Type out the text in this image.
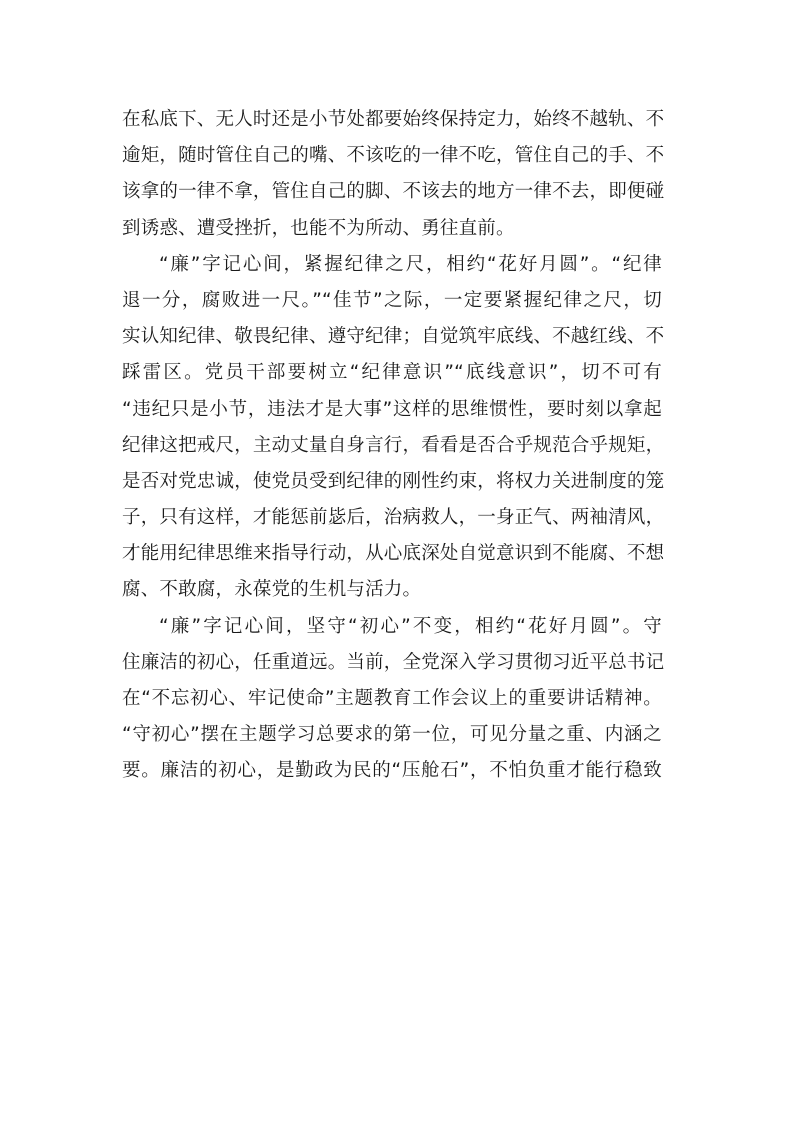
在私底下、无人时还是小节处都要始终保持定力，始终不越轨、不
逾矩，随时管住自己的嘴、不该吃的一律不吃，管住自己的手、不
该拿的一律不拿，管住自己的脚、不该去的地方一律不去，即便碰
到诱惑、遭受挫折，也能不为所动、勇往直前。
“廉”字记心间，紧握纪律之尺，相约“花好月圆”。“纪律
退一分，腐败进一尺。”“佳节”之际，一定要紧握纪律之尺，切
实认知纪律、敬畏纪律、遵守纪律；自觉筑牢底线、不越红线、不
踩雷区。党员干部要树立“纪律意识”“底线意识”，切不可有
“违纪只是小节，违法才是大事”这样的思维惯性，要时刻以拿起
纪律这把戒尺，主动丈量自身言行，看看是否合乎规范合乎规矩，
是否对党忠诚，使党员受到纪律的刚性约束，将权力关进制度的笼
子，只有这样，才能惩前毖后，治病救人，一身正气、两袖清风，
才能用纪律思维来指导行动，从心底深处自觉意识到不能腐、不想
腐、不敢腐，永葆党的生机与活力。
“廉”字记心间，坚守“初心”不变，相约“花好月圆”。守
住廉洁的初心，任重道远。当前，全党深入学习贯彻习近平总书记
在“不忘初心、牢记使命”主题教育工作会议上的重要讲话精神。
“守初心”摆在主题学习总要求的第一位，可见分量之重、内涵之
要。廉洁的初心，是勤政为民的“压舱石”，不怕负重才能行稳致
